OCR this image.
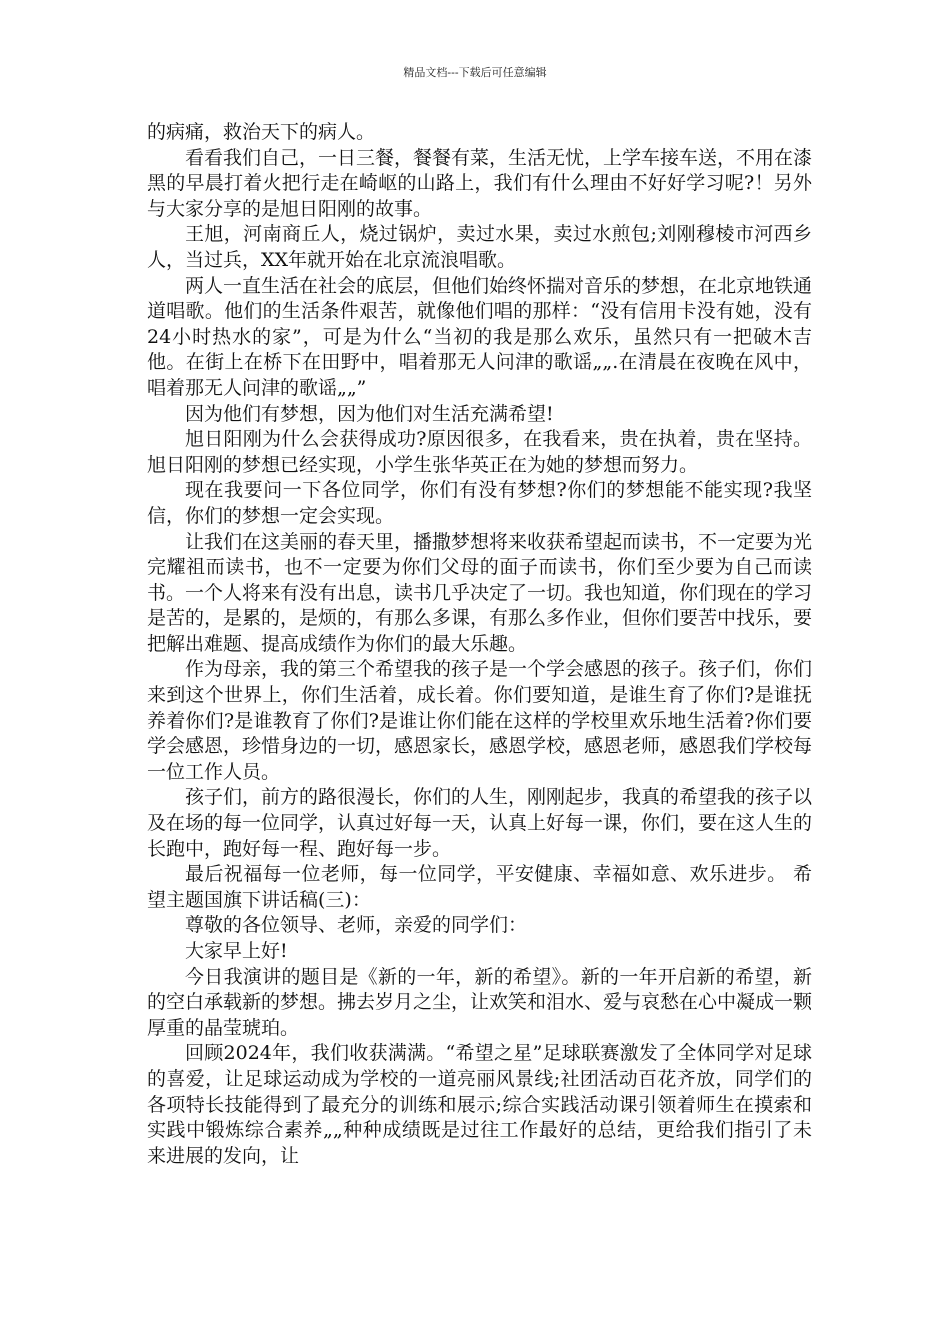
精品文档---下载后可任意编辑

的病痛，救治天下的病人。

看看我们自己，一日三餐，餐餐有菜，生活无忧，上学车接车送，不用在漆黑的早晨打着火把行走在崎岖的山路上，我们有什么理由不好好学习呢?！另外与大家分享的是旭日阳刚的故事。

王旭，河南商丘人，烧过锅炉，卖过水果，卖过水煎包;刘刚穆棱市河西乡人，当过兵，XX年就开始在北京流浪唱歌。

两人一直生活在社会的底层，但他们始终怀揣对音乐的梦想，在北京地铁通道唱歌。他们的生活条件艰苦，就像他们唱的那样：“没有信用卡没有她，没有24小时热水的家”，可是为什么“当初的我是那么欢乐，虽然只有一把破木吉他。在街上在桥下在田野中，唱着那无人问津的歌谣„„.在清晨在夜晚在风中，唱着那无人问津的歌谣„„”

因为他们有梦想，因为他们对生活充满希望!

旭日阳刚为什么会获得成功?原因很多，在我看来，贵在执着，贵在坚持。 旭日阳刚的梦想已经实现，小学生张华英正在为她的梦想而努力。

现在我要问一下各位同学，你们有没有梦想?你们的梦想能不能实现?我坚信，你们的梦想一定会实现。

让我们在这美丽的春天里，播撒梦想将来收获希望起而读书，不一定要为光完耀祖而读书，也不一定要为你们父母的面子而读书，你们至少要为自己而读书。一个人将来有没有出息，读书几乎决定了一切。我也知道，你们现在的学习是苦的，是累的，是烦的，有那么多课，有那么多作业，但你们要苦中找乐，要把解出难题、提高成绩作为你们的最大乐趣。

作为母亲，我的第三个希望我的孩子是一个学会感恩的孩子。孩子们，你们来到这个世界上，你们生活着，成长着。你们要知道，是谁生育了你们?是谁抚养着你们?是谁教育了你们?是谁让你们能在这样的学校里欢乐地生活着?你们要学会感恩，珍惜身边的一切，感恩家长，感恩学校，感恩老师，感恩我们学校每一位工作人员。

孩子们，前方的路很漫长，你们的人生，刚刚起步，我真的希望我的孩子以及在场的每一位同学，认真过好每一天，认真上好每一课，你们，要在这人生的长跑中，跑好每一程、跑好每一步。

最后祝福每一位老师，每一位同学，平安健康、幸福如意、欢乐进步。 希望主题国旗下讲话稿(三)：

尊敬的各位领导、老师，亲爱的同学们：

大家早上好!

今日我演讲的题目是《新的一年，新的希望》。新的一年开启新的希望，新的空白承载新的梦想。拂去岁月之尘，让欢笑和泪水、爱与哀愁在心中凝成一颗厚重的晶莹琥珀。

回顾2024年，我们收获满满。“希望之星”足球联赛激发了全体同学对足球的喜爱，让足球运动成为学校的一道亮丽风景线;社团活动百花齐放，同学们的各项特长技能得到了最充分的训练和展示;综合实践活动课引领着师生在摸索和实践中锻炼综合素养„„种种成绩既是过往工作最好的总结，更给我们指引了未来进展的发向，让
